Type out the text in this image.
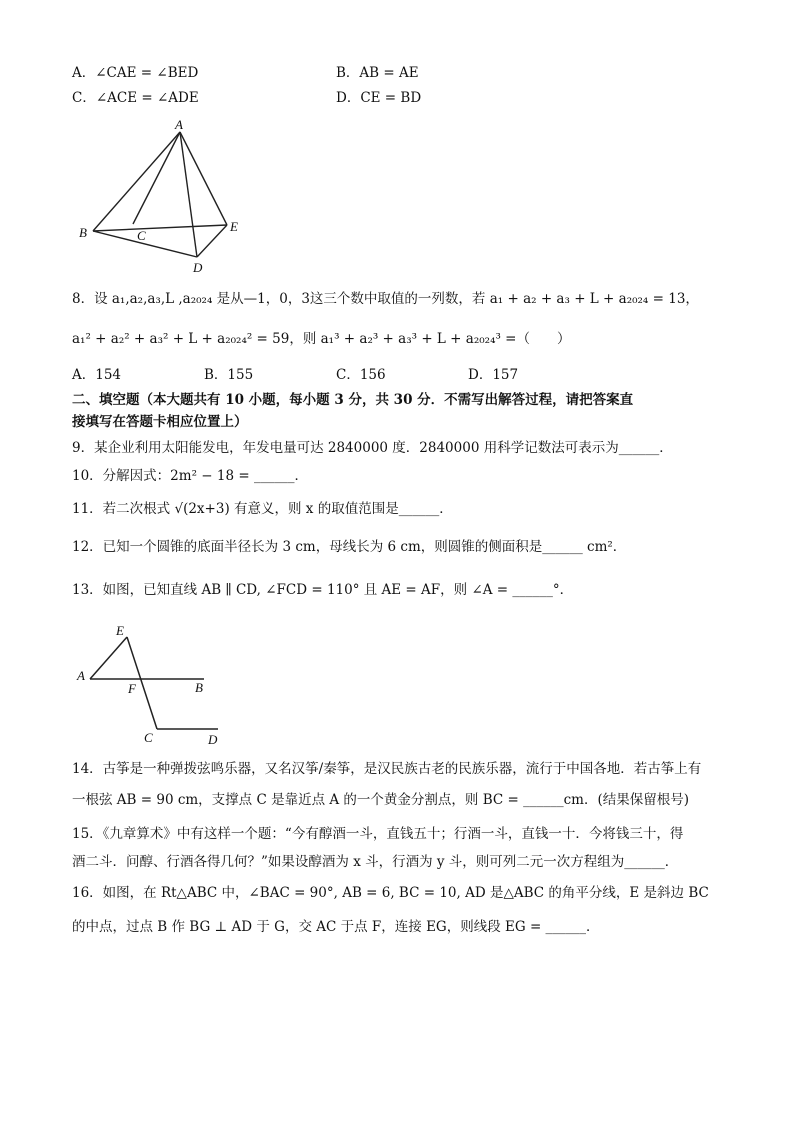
A．∠CAE = ∠BED	B．AB = AE
C．∠ACE = ∠ADE	D．CE = BD
A
B	C
D
E
8．设 a₁,a₂,a₃,L ,a₂₀₂₄ 是从—1，0，3这三个数中取值的一列数，若 a₁ + a₂ + a₃ + L + a₂₀₂₄ = 13，
a₁² + a₂² + a₃² + L + a₂₀₂₄² = 59，则 a₁³ + a₂³ + a₃³ + L + a₂₀₂₄³ =（　　）
A．154	B．155	C．156	D．157
二、填空题（本大题共有 10 小题，每小题 3 分，共 30 分．不需写出解答过程，请把答案直
接填写在答题卡相应位置上）
9．某企业利用太阳能发电，年发电量可达 2840000 度．2840000 用科学记数法可表示为______．
10．分解因式：2m² − 18 = ______．
11．若二次根式 √(2x+3) 有意义，则 x 的取值范围是______．
12．已知一个圆锥的底面半径长为 3 cm，母线长为 6 cm，则圆锥的侧面积是______ cm²．
13．如图，已知直线 AB ∥ CD, ∠FCD = 110° 且 AE = AF，则 ∠A = ______°．
E
A
F	B
C	D
14．古筝是一种弹拨弦鸣乐器，又名汉筝/秦筝，是汉民族古老的民族乐器，流行于中国各地．若古筝上有
一根弦 AB = 90 cm，支撑点 C 是靠近点 A 的一个黄金分割点，则 BC = ______cm．(结果保留根号)
15．《九章算术》中有这样一个题：“今有醇酒一斗，直钱五十；行酒一斗，直钱一十．今将钱三十，得
酒二斗．问醇、行酒各得几何？”如果设醇酒为 x 斗，行酒为 y 斗，则可列二元一次方程组为______．
16．如图，在 Rt△ABC 中，∠BAC = 90°, AB = 6, BC = 10, AD 是△ABC 的角平分线，E 是斜边 BC
的中点，过点 B 作 BG ⊥ AD 于 G，交 AC 于点 F，连接 EG，则线段 EG = ______．
